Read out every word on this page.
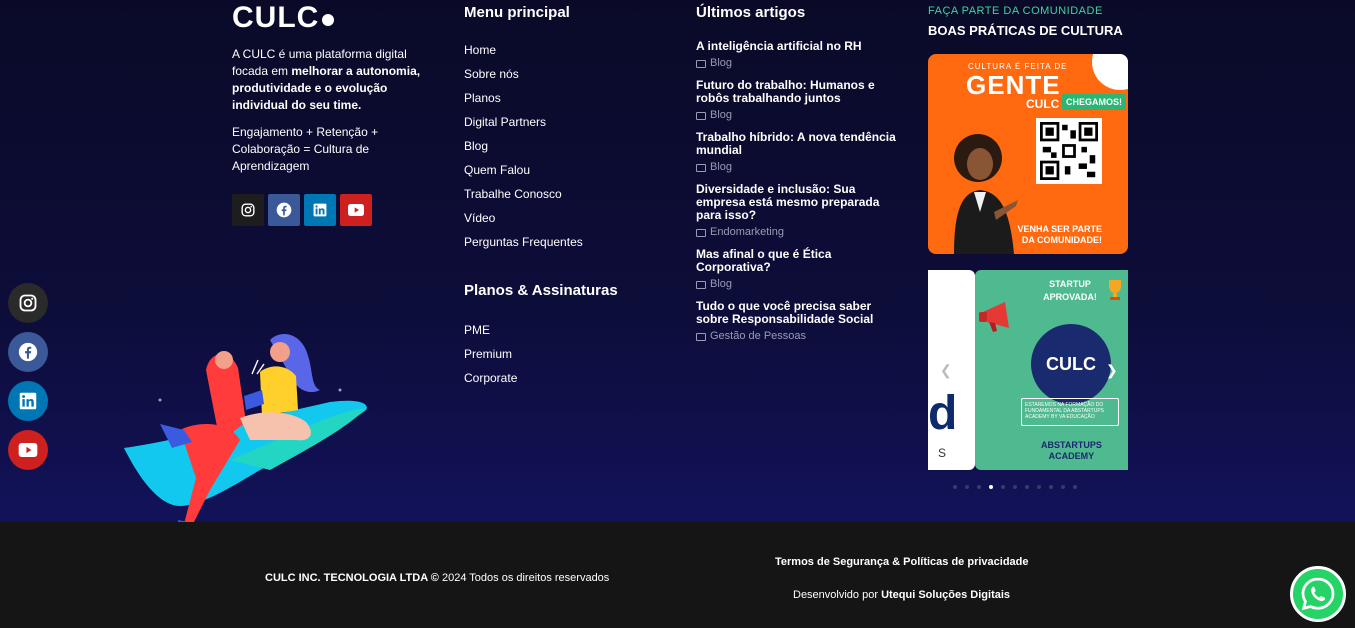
CULC

A CULC é uma plataforma digital focada em melhorar a autonomia, produtividade e o evolução individual do seu time.

Engajamento + Retenção + Colaboração = Cultura de Aprendizagem

Menu principal
Home
Sobre nós
Planos
Digital Partners
Blog
Quem Falou
Trabalhe Conosco
Vídeo
Perguntas Frequentes
Planos & Assinaturas
PME
Premium
Corporate
Últimos artigos
A inteligência artificial no RH
Blog
Futuro do trabalho: Humanos e robôs trabalhando juntos
Blog
Trabalho híbrido: A nova tendência mundial
Blog
Diversidade e inclusão: Sua empresa está mesmo preparada para isso?
Endomarketing
Mas afinal o que é Ética Corporativa?
Blog
Tudo o que você precisa saber sobre Responsabilidade Social
Gestão de Pessoas
FAÇA PARTE DA COMUNIDADE
BOAS PRÁTICAS DE CULTURA
CULTURA É FEITA DE
GENTE
CULC CHEGAMOS!
VENHA SER PARTE
DA COMUNIDADE!
d
S
STARTUP
APROVADA!
CULC
ESTAREMOS NA FORMAÇÃO DO FUNDAMENTAL DA ABSTARTUPS ACADEMY BY VA EDUCAÇÃO
ABSTARTUPS
ACADEMY
❮	❯

CULC INC. TECNOLOGIA LTDA © 2024 Todos os direitos reservados

Termos de Segurança & Políticas de privacidade

Desenvolvido por Utequi Soluções Digitais
